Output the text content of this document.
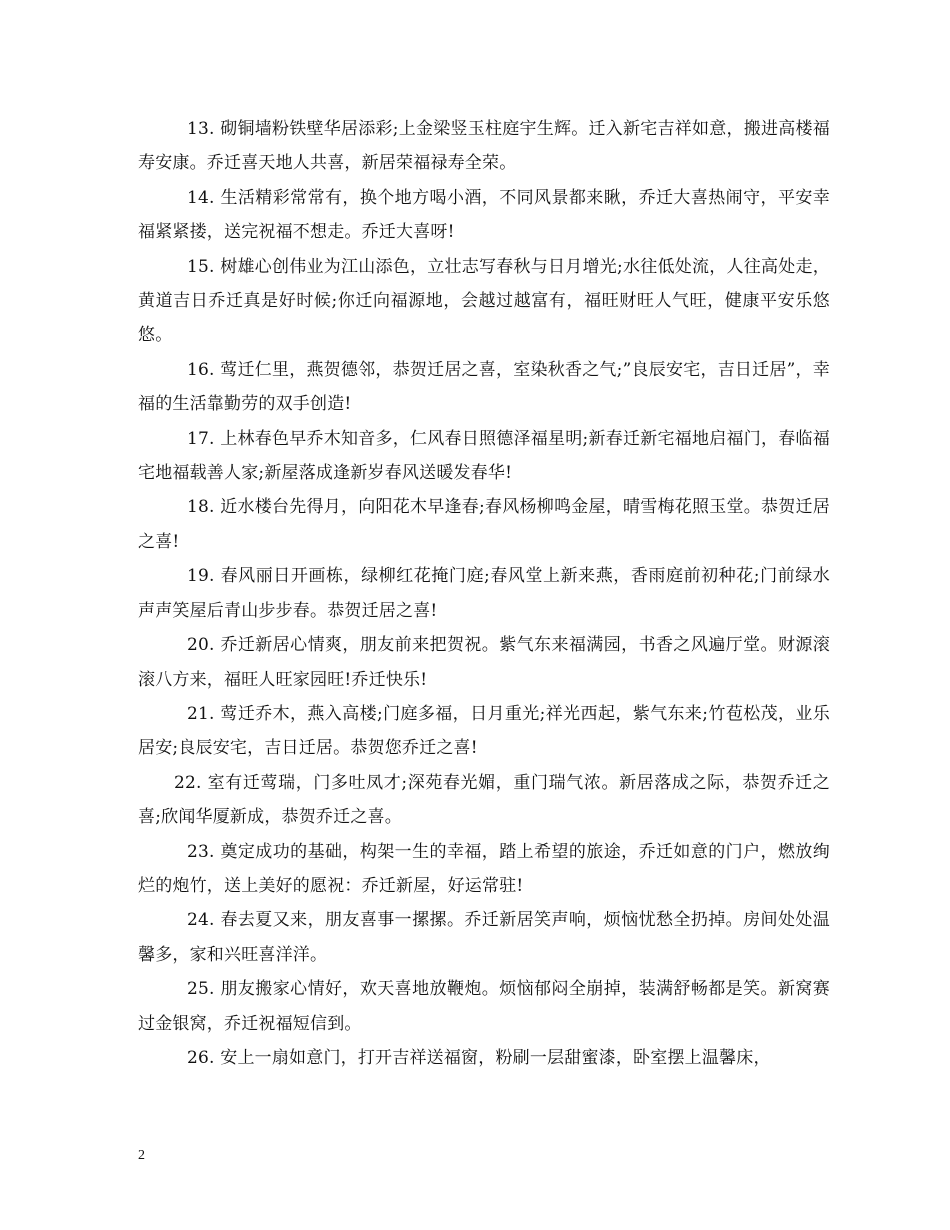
13. 砌铜墙粉铁壁华居添彩;上金梁竖玉柱庭宇生辉。迁入新宅吉祥如意，搬进高楼福寿安康。乔迁喜天地人共喜，新居荣福禄寿全荣。

14. 生活精彩常常有，换个地方喝小酒，不同风景都来瞅，乔迁大喜热闹守，平安幸福紧紧搂，送完祝福不想走。乔迁大喜呀!

15. 树雄心创伟业为江山添色，立壮志写春秋与日月增光;水往低处流，人往高处走，黄道吉日乔迁真是好时候;你迁向福源地，会越过越富有，福旺财旺人气旺，健康平安乐悠悠。

16. 莺迁仁里，燕贺德邻，恭贺迁居之喜，室染秋香之气;”良辰安宅，吉日迁居”，幸福的生活靠勤劳的双手创造!

17. 上林春色早乔木知音多，仁风春日照德泽福星明;新春迁新宅福地启福门，春临福宅地福载善人家;新屋落成逢新岁春风送暖发春华!

18. 近水楼台先得月，向阳花木早逢春;春风杨柳鸣金屋，晴雪梅花照玉堂。恭贺迁居之喜!

19. 春风丽日开画栋，绿柳红花掩门庭;春风堂上新来燕，香雨庭前初种花;门前绿水声声笑屋后青山步步春。恭贺迁居之喜!

20. 乔迁新居心情爽，朋友前来把贺祝。紫气东来福满园，书香之风遍厅堂。财源滚滚八方来，福旺人旺家园旺!乔迁快乐!

21. 莺迁乔木，燕入高楼;门庭多福，日月重光;祥光西起，紫气东来;竹苞松茂，业乐居安;良辰安宅，吉日迁居。恭贺您乔迁之喜!

22. 室有迁莺瑞，门多吐凤才;深苑春光媚，重门瑞气浓。新居落成之际，恭贺乔迁之喜;欣闻华厦新成，恭贺乔迁之喜。

23. 奠定成功的基础，构架一生的幸福，踏上希望的旅途，乔迁如意的门户，燃放绚烂的炮竹，送上美好的愿祝：乔迁新屋，好运常驻!

24. 春去夏又来，朋友喜事一摞摞。乔迁新居笑声响，烦恼忧愁全扔掉。房间处处温馨多，家和兴旺喜洋洋。

25. 朋友搬家心情好，欢天喜地放鞭炮。烦恼郁闷全崩掉，装满舒畅都是笑。新窝赛过金银窝，乔迁祝福短信到。

26. 安上一扇如意门，打开吉祥送福窗，粉刷一层甜蜜漆，卧室摆上温馨床，

2
